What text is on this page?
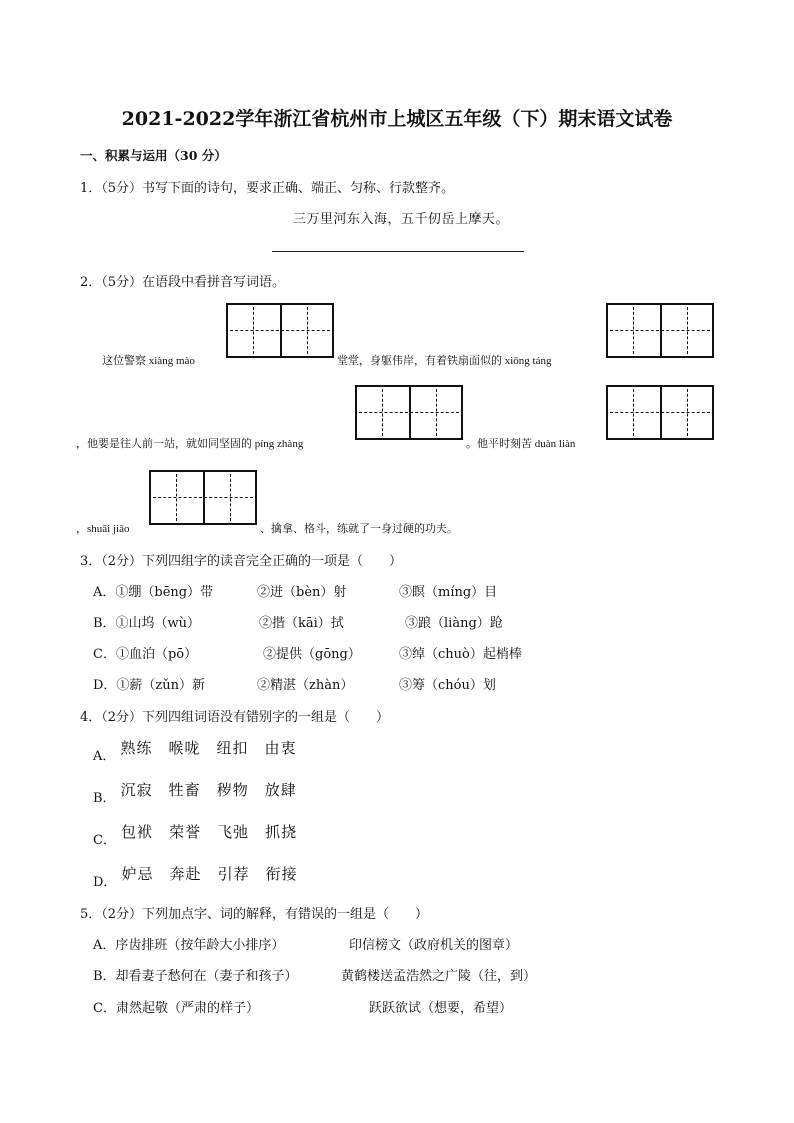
2021-2022学年浙江省杭州市上城区五年级（下）期末语文试卷
一、积累与运用（30 分）
1．（5分）书写下面的诗句，要求正确、端正、匀称、行款整齐。
三万里河东入海，五千仞岳上摩天。
2．（5分）在语段中看拼音写词语。
这位警察 xiàng mào	堂堂，身躯伟岸，有着铁扇面似的 xiōng táng
，他要是往人前一站，就如同坚固的 píng zhàng	。他平时刻苦 duàn liàn
，shuāi jiāo	、擒拿、格斗，练就了一身过硬的功夫。
3．（2分）下列四组字的读音完全正确的一项是（　　）
A．①绷（bēng）带	②迸（bèn）射	③瞑（míng）目
B．①山坞（wù）	②揩（kāi）拭	③踉（liàng）跄
C．①血泊（pō）	②提供（gōng）	③绰（chuò）起梢棒
D．①薪（zǔn）新	②精湛（zhàn）	③筹（chóu）划
4．（2分）下列四组词语没有错别字的一组是（　　）
$_{A.}$ 熟练 喉咙 纽扣 由衷
$_{B.}$ 沉寂 牲畜 秽物 放肆
$_{C.}$ 包袱 荣誉 飞弛 抓挠
$_{D.}$ 妒忌 奔赴 引荐 衔接
5．（2分）下列加点字、词的解释，有错误的一组是（　　）
A．序齿排班（按年龄大小排序）	印信榜文（政府机关的图章）
B．却看妻子愁何在（妻子和孩子）	黄鹤楼送孟浩然之广陵（往，到）
C．肃然起敬（严肃的样子）	跃跃欲试（想要，希望）
